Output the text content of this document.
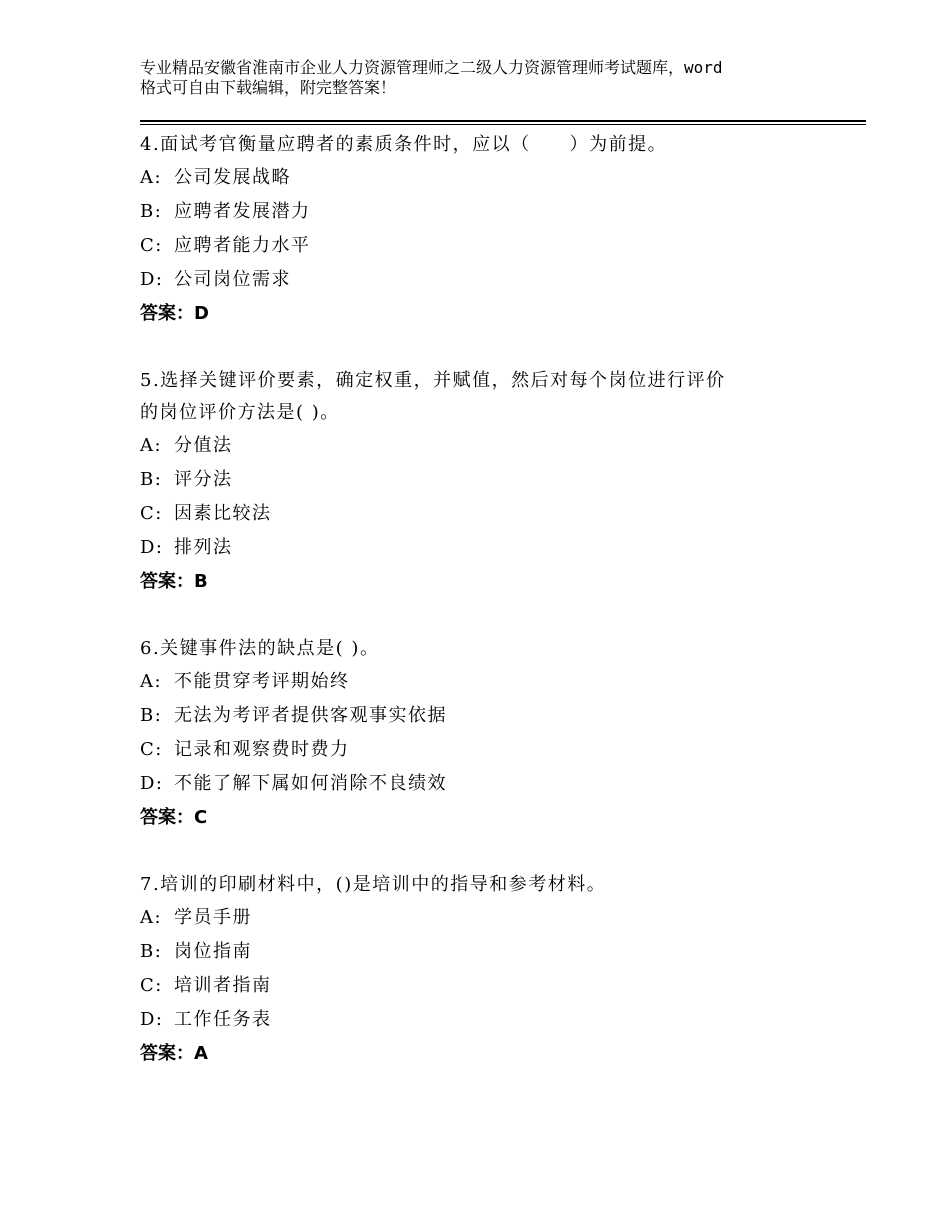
专业精品安徽省淮南市企业人力资源管理师之二级人力资源管理师考试题库，word
格式可自由下载编辑，附完整答案！
4.面试考官衡量应聘者的素质条件时，应以（　　）为前提。
A: 公司发展战略
B: 应聘者发展潜力
C: 应聘者能力水平
D: 公司岗位需求
答案：D
5.选择关键评价要素，确定权重，并赋值，然后对每个岗位进行评价
的岗位评价方法是( )。
A: 分值法
B: 评分法
C: 因素比较法
D: 排列法
答案：B
6.关键事件法的缺点是( )。
A: 不能贯穿考评期始终
B: 无法为考评者提供客观事实依据
C: 记录和观察费时费力
D: 不能了解下属如何消除不良绩效
答案：C
7.培训的印刷材料中，()是培训中的指导和参考材料。
A: 学员手册
B: 岗位指南
C: 培训者指南
D: 工作任务表
答案：A
